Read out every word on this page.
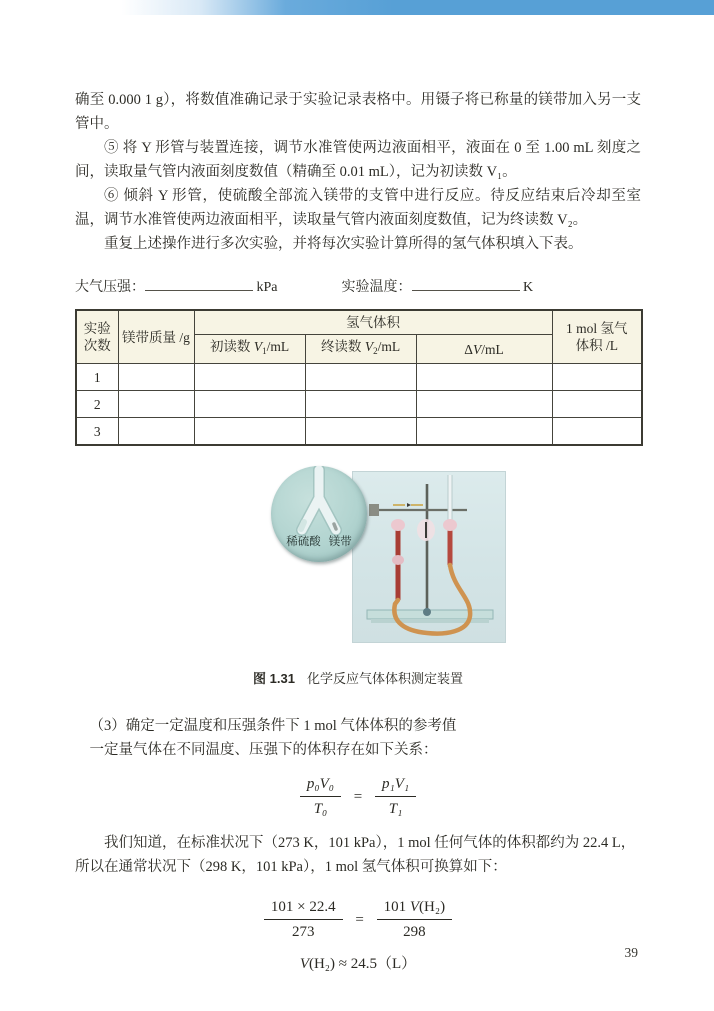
确至 0.000 1 g），将数值准确记录于实验记录表格中。用镊子将已称量的镁带加入另一支管中。

⑤ 将 Y 形管与装置连接，调节水准管使两边液面相平，液面在 0 至 1.00 mL 刻度之间，读取量气管内液面刻度数值（精确至 0.01 mL），记为初读数 V₁。

⑥ 倾斜 Y 形管，使硫酸全部流入镁带的支管中进行反应。待反应结束后冷却至室温，调节水准管使两边液面相平，读取量气管内液面刻度数值，记为终读数 V₂。

重复上述操作进行多次实验，并将每次实验计算所得的氢气体积填入下表。

大气压强：	kPa	实验温度：	K
实验
次数	镁带质量 /g	氢气体积			1 mol 氢气
体积 /L
		初读数 $V_1/mL$	终读数 $V_2/mL$	ΔV/mL	
1					
2					
3					
稀硫酸 镁带

图 1.31 化学反应气体体积测定装置

（3）确定一定温度和压强条件下 1 mol 气体体积的参考值

一定量气体在不同温度、压强下的体积存在如下关系：

$\frac{\text{p₀V₀}}{\text{T₀}} = \frac{\text{p₁V₁}}{\text{T₁}}$

我们知道，在标准状况下（273 K，101 kPa），1 mol 任何气体的体积都约为 22.4 L，

所以在通常状况下（298 K，101 kPa），1 mol 氢气体积可换算如下：

$\frac{101 \times 22.4}{273} = \frac{\text{101 V(H₂)}}{298}$

V(H₂) ≈ 24.5（L）

39
